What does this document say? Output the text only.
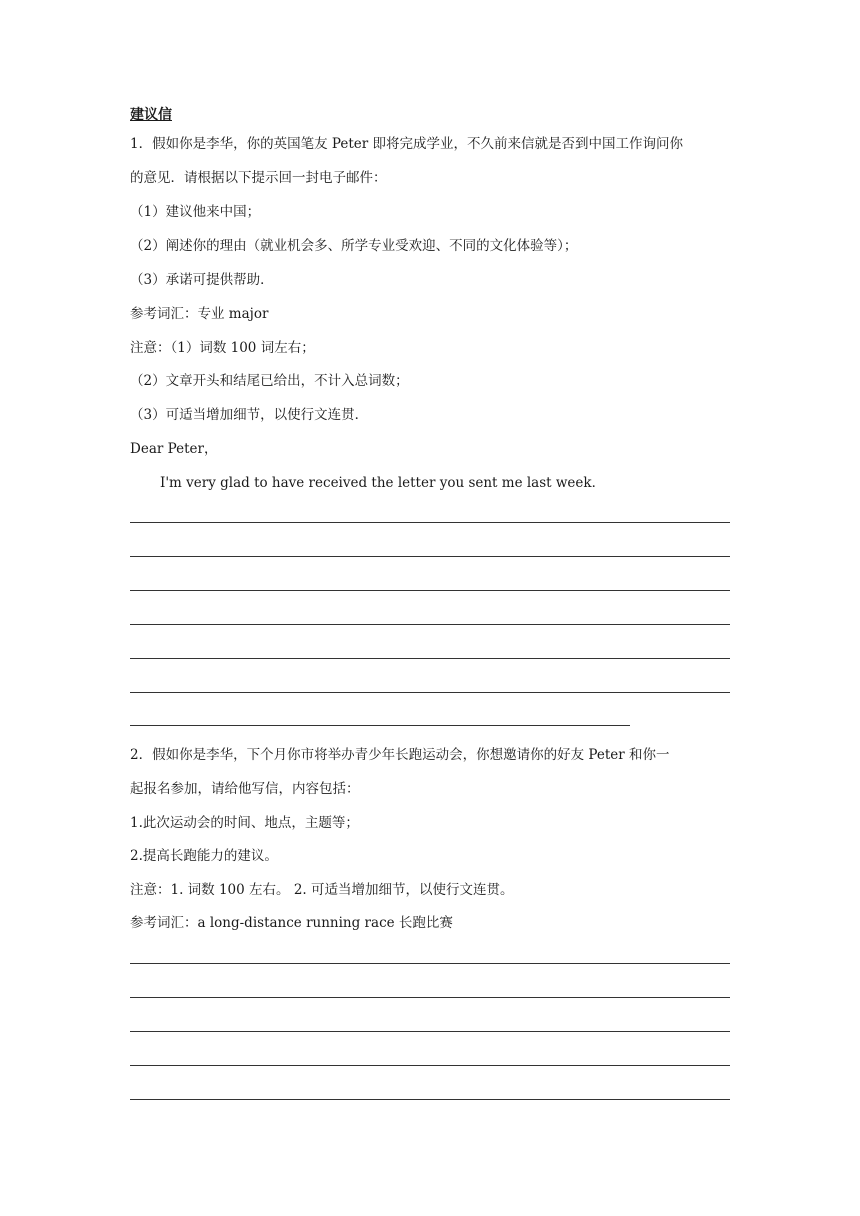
建议信
1．假如你是李华，你的英国笔友 Peter 即将完成学业，不久前来信就是否到中国工作询问你
的意见．请根据以下提示回一封电子邮件：
（1）建议他来中国；
（2）阐述你的理由（就业机会多、所学专业受欢迎、不同的文化体验等）；
（3）承诺可提供帮助．
参考词汇：专业 major
注意：（1）词数 100 词左右；
（2）文章开头和结尾已给出，不计入总词数；
（3）可适当增加细节，以使行文连贯．
Dear Peter，
I'm very glad to have received the letter you sent me last week．
2．假如你是李华，下个月你市将举办青少年长跑运动会，你想邀请你的好友 Peter 和你一
起报名参加，请给他写信，内容包括：
1.此次运动会的时间、地点，主题等；
2.提高长跑能力的建议。
注意：1. 词数 100 左右。 2. 可适当增加细节，以使行文连贯。
参考词汇：a long-distance running race 长跑比赛
